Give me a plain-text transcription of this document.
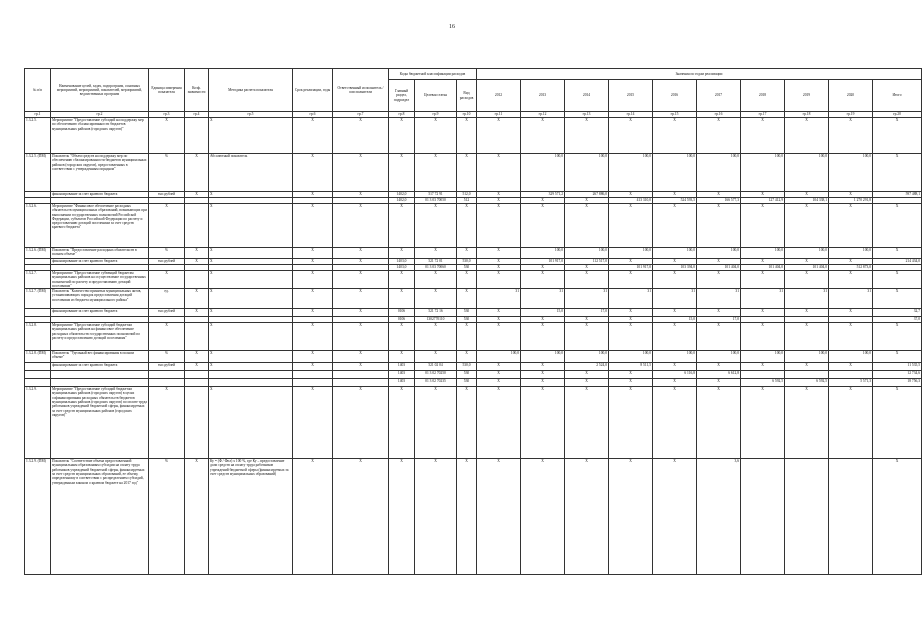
16
№ п/п	Наименование целей, задач, подпрограмм, основных мероприятий, мероприятий, показателей, мероприятий, ведомственных программ	Единица измерения показателя	Коэф. значимости	Методика расчета показателя	Срок реализации, годы	Ответственный исполнитель / соисполнители	Коды бюджетной классификации расходов			Значения по годам реализации									
							Главный раздел, подраздел	Целевая статья	Вид расходов	2012	2013	2014	2015	2016	2017	2018	2019	2020	Итого
гр.1	гр.2	гр.3	гр.4	гр.5	гр.6	гр.7	гр.8	гр.9	гр.10	гр.11	гр.12	гр.13	гр.14	гр.15	гр.16	гр.17	гр.18	гр.19	гр.20
1.3.2.5.	Мероприятие "Предоставление субсидий на поддержку мер по обеспечению сбалансированности бюджетов муниципальных районов (городских округов)"	X		X	X	X	X	X	X	X	X	X	X	X	X	X	X	X	X
1.3.2.5. (ПМ)	Показатель "Объем средств на поддержку мер по обеспечению сбалансированности бюджетов муниципальных районов (городских округов), предоставленных в соответствии с утвержденным порядком"	%	X	Абсолютный показатель	X	X	X	X	X	X	100,0	100,0	100,0	100,0	100,0	100,0	100,0	100,0	X
	финансирование за счет краевого бюджета	тыс.рублей	X	X	X	X	1402,0	517 72 91	512,0	X	329 571,2	267 886,0	X	X	X	X	X	X	597 488,1
							1402,0	01 3 03 70050	512	X	X	X	413 310,0	524 593,5	166 577,3	127 412,9	104 338,1	1 270 291,8	
1.3.2.6.	Мероприятие "Финансовое обеспечение расходных обязательств муниципальных образований, возникающих при выполнении государственных полномочий Российской Федерации, субъектов Российской Федерации по расчету и предоставлению дотаций поселениям за счет средств краевого бюджета"	X		X	X	X	X	X	X	X	X	X	X	X	X	X	X	X	X
1.3.2.6. (ПМ)	Показатель "Предоставление расходных обязательств в полном объеме"	%	X	X	X	X	X	X	X	X	100,0	100,0	100,0	100,0	100,0	100,0	100,0	100,0	X
	финансирование за счет краевого бюджета	тыс.рублей	X	X	X	X	1403,0	521 72 01	530,0	X	101 917,0	112 517,0	X	X	X	X	X	X	214 434,0
							1403,0	01 3 03 70060	530	X	X	X	101 917,0	103 394,0	101 404,0	101 404,0	101 404,0	512 873,0	
1.3.2.7.	Мероприятие "Предоставление субвенций бюджетам муниципальных районов на осуществление государственных полномочий по расчету и предоставлению дотаций поселениям"	X		X	X	X	X	X	X	X	X	X	X	X	X	X	X	X	X
1.3.2.7. (ПМ)	Показатель "Количество принятых муниципальных актов, устанавливающих порядок предоставления дотаций поселениям из бюджета муниципального района"	ед.	X	X	X	X	X	X	X	31	31	31	31	31	31	31	31	31	X
	финансирование за счет краевого бюджета	тыс.рублей	X	X	X	X	0106	521 72 16	530	X	15,0	17,0	X	X	X	X	X	X	32,7
							0106	1302770110	530	X	X	X	X	15,0	17,0				37,0
1.3.2.8.	Мероприятие "Предоставление субсидий бюджетам муниципальных районов на финансовое обеспечение расходных обязательств государственных полномочий по расчету и предоставлению дотаций поселениям"	X		X	X	X	X	X	X	X	X	X	X	X	X	X	X	X	X
1.3.2.8. (ПМ)	Показатель "Удельный вес финансирования в полном объеме"	%	X	X	X	X	X	X	X	100,0	100,0	100,0	100,0	100,0	100,0	100,0	100,0	100,0	X
	финансирование за счет краевого бюджета	тыс.рублей	X	X	X	X	1403	521 02 04	530,0	X	X	2 524,0	8 511,5	X	X	X	X	X	11 535,5
							1403	01 3 02 70250	530	X	X	X	X	6 116,8	6 612,8				12 734,6
							1403	01 3 02 70235	530	X	X	X	X	X	X	6 592,5	6 592,5	5 571,3	18 756,3
1.3.2.9.	Мероприятие "Предоставление субсидий бюджетам муниципальных районов (городских округов) в целях софинансирования расходных обязательств бюджетов муниципальных районов (городских округов) по оплате труда работников учреждений бюджетной сферы, финансируемых за счет средств муниципальных районов (городских округов)"	X		X	X	X	X	X	X	X	X	X	X	X	X	X	X	X	X
1.3.2.9. (ПМ)	Показатель "Соответствие объема предоставленной муниципальным образованиям субсидии на оплату труда работников учреждений бюджетной сферы, финансируемых за счет средств муниципальных образований, ее объему, определенному в соответствии с распределением субсидий, утвержденным законом о краевом бюджете на 2017 год"	%	X	Ку = (Ф / Фпл) x 100 %, где Ку – предоставление доли средств на оплату труда работников учреждений бюджетной сферы (финансируемых за счет средств муниципальных образований)	X	X	X	X	X	X	X	X	X	X	3,6				X
